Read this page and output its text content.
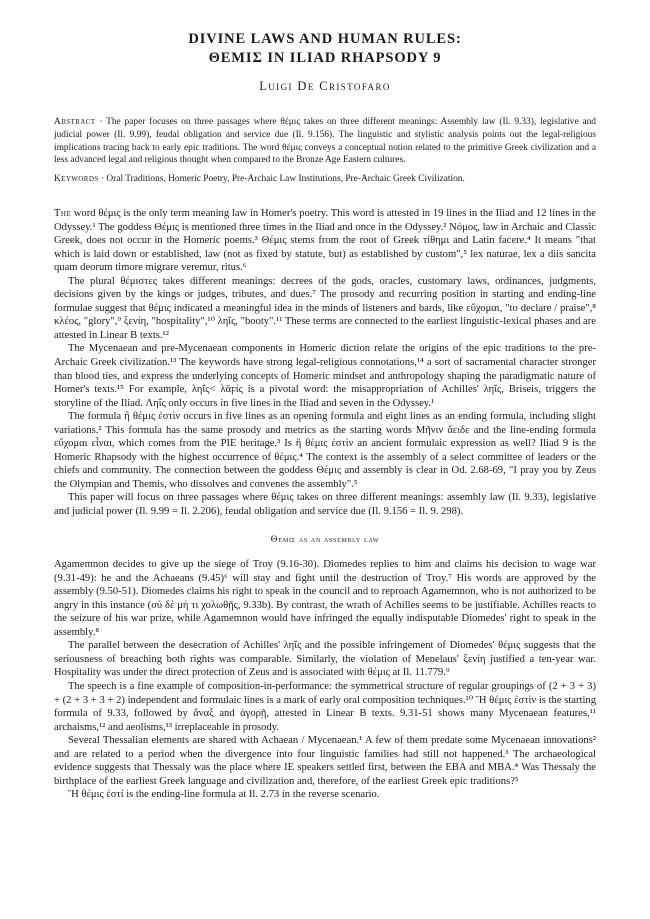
DIVINE LAWS AND HUMAN RULES:
ΘΕΜΙΣ IN ILIAD RHAPSODY 9
Luigi De Cristofaro

Abstract · The paper focuses on three passages where θέμις takes on three different meanings: Assembly law (Il. 9.33), legislative and judicial power (Il. 9.99), feudal obligation and service due (Il. 9.156). The linguistic and stylistic analysis points out the legal-religious implications tracing back to early epic traditions. The word θέμις conveys a conceptual notion related to the primitive Greek civilization and a less advanced legal and religious thought when compared to the Bronze Age Eastern cultures.

Keywords · Oral Traditions, Homeric Poetry, Pre-Archaic Law Institutions, Pre-Archaic Greek Civilization.

The word θέμις is the only term meaning law in Homer's poetry. This word is attested in 19 lines in the Iliad and 12 lines in the Odyssey.¹ The goddess Θέμις is mentioned three times in the Iliad and once in the Odyssey.² Νόμος, law in Archaic and Classic Greek, does not occur in the Homeric poems.³ Θέμις stems from the root of Greek τίθημι and Latin facere.⁴ It means "that which is laid down or established, law (not as fixed by statute, but) as established by custom",⁵ lex naturae, lex a diis sancita quam deorum timore migrare veremur, ritus.⁶

The plural θέμιστες takes different meanings: decrees of the gods, oracles, customary laws, ordinances, judgments, decisions given by the kings or judges, tributes, and dues.⁷ The prosody and recurring position in starting and ending-line formulae suggest that θέμις indicated a meaningful idea in the minds of listeners and bards, like εὔχομαι, "to declare / praise",⁸ κλέος, "glory",⁹ ξενίη, "hospitality",¹⁰ ληΐς, "booty".¹¹ These terms are connected to the earliest linguistic-lexical phases and are attested in Linear B texts.¹²

The Mycenaean and pre-Mycenaean components in Homeric diction relate the origins of the epic traditions to the pre-Archaic Greek civilization.¹³ The keywords have strong legal-religious connotations,¹⁴ a sort of sacramental character stronger than blood ties, and express the underlying concepts of Homeric mindset and anthropology shaping the paradigmatic nature of Homer's texts.¹⁵ For example, ληΐς< λᾱϝίς is a pivotal word: the misappropriation of Achilles' ληΐς, Briseis, triggers the storyline of the Iliad. Ληΐς only occurs in five lines in the Iliad and seven in the Odyssey.¹

The formula ἣ θέμις ἐστὶν occurs in five lines as an opening formula and eight lines as an ending formula, including slight variations.² This formula has the same prosody and metrics as the starting words Μῆνιν ἄειδε and the line-ending formula εὔχομαι εἶναι, which comes from the PIE heritage.³ Is ἣ θέμις ἐστὶν an ancient formulaic expression as well? Iliad 9 is the Homeric Rhapsody with the highest occurrence of θέμις.⁴ The context is the assembly of a select committee of leaders or the chiefs and community. The connection between the goddess Θέμις and assembly is clear in Od. 2.68-69, "I pray you by Zeus the Olympian and Themis, who dissolves and convenes the assembly".⁵

This paper will focus on three passages where θέμις takes on three different meanings: assembly law (Il. 9.33), legislative and judicial power (Il. 9.99 = Il. 2.206), feudal obligation and service due (Il. 9.156 = Il. 9. 298).

Θέμις as an assembly law

Agamemnon decides to give up the siege of Troy (9.16-30). Diomedes replies to him and claims his decision to wage war (9.31-49): he and the Achaeans (9.45)⁶ will stay and fight until the destruction of Troy.⁷ His words are approved by the assembly (9.50-51). Diomedes claims his right to speak in the council and to reproach Agamemnon, who is not authorized to be angry in this instance (σὺ δὲ μή τι χολωθῇς, 9.33b). By contrast, the wrath of Achilles seems to be justifiable. Achilles reacts to the seizure of his war prize, while Agamemnon would have infringed the equally indisputable Diomedes' right to speak in the assembly.⁸

The parallel between the desecration of Achilles' ληΐς and the possible infringement of Diomedes' θέμις suggests that the seriousness of breaching both rights was comparable. Similarly, the violation of Menelaus' ξενίη justified a ten-year war. Hospitality was under the direct protection of Zeus and is associated with θέμις at Il. 11.779.⁹

The speech is a fine example of composition-in-performance: the symmetrical structure of regular groupings of (2 + 3 + 3) + (2 + 3 + 3 + 2) independent and formulaic lines is a mark of early oral composition techniques.¹⁰ Ἣ θέμις ἐστὶν is the starting formula of 9.33, followed by ἄναξ and ἀγορῇ, attested in Linear B texts. 9.31-51 shows many Mycenaean features,¹¹ archaisms,¹² and aeolisms,¹³ irreplaceable in prosody.

Several Thessalian elements are shared with Achaean / Mycenaean.¹ A few of them predate some Mycenaean innovations² and are related to a period when the divergence into four linguistic families had still not happened.³ The archaeological evidence suggests that Thessaly was the place where IE speakers settled first, between the EBA and MBA.⁴ Was Thessaly the birthplace of the earliest Greek language and civilization and, therefore, of the earliest Greek epic traditions?⁵

Ἣ θέμις ἐστί is the ending-line formula at Il. 2.73 in the reverse scenario.
